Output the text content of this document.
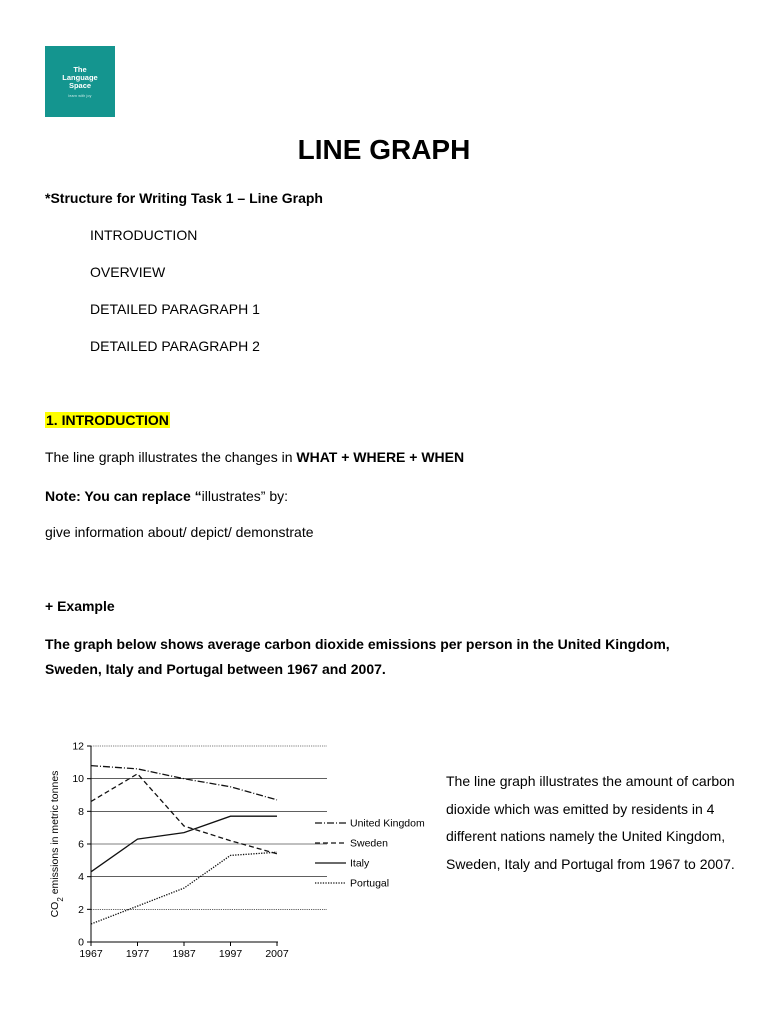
The
Language
Space
learn with joy
LINE GRAPH
*Structure for Writing Task 1 – Line Graph
INTRODUCTION
OVERVIEW
DETAILED PARAGRAPH 1
DETAILED PARAGRAPH 2
1. INTRODUCTION
The line graph illustrates the changes in WHAT + WHERE + WHEN
Note: You can replace “illustrates” by:
give information about/ depict/ demonstrate
+ Example
The graph below shows average carbon dioxide emissions per person in the United Kingdom,
Sweden, Italy and Portugal between 1967 and 2007.
0
2
4
6
8
10
12
1967 1977 1987 1997 2007
$CO_2$ emissions in metric tonnes	United Kingdom
Sweden
Italy
Portugal
The line graph illustrates the amount of carbon dioxide which was emitted by residents in 4 different nations namely the United Kingdom, Sweden, Italy and Portugal from 1967 to 2007.
